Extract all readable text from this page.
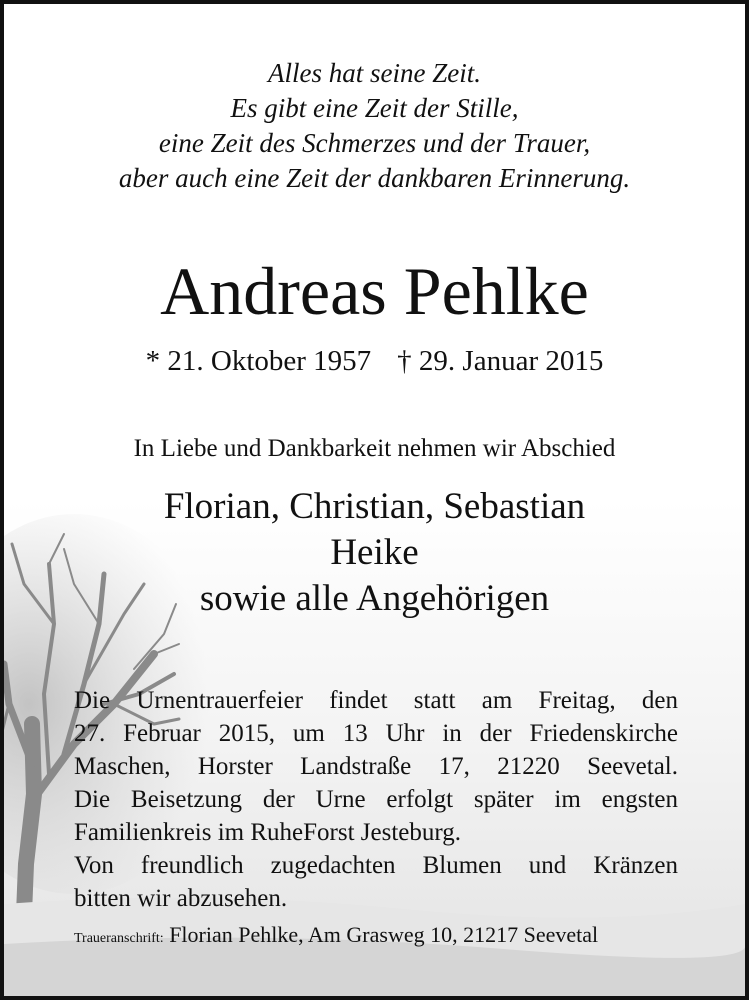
Alles hat seine Zeit.
Es gibt eine Zeit der Stille,
eine Zeit des Schmerzes und der Trauer,
aber auch eine Zeit der dankbaren Erinnerung.
Andreas Pehlke
* 21. Oktober 1957 † 29. Januar 2015
In Liebe und Dankbarkeit nehmen wir Abschied
Florian, Christian, Sebastian
Heike
sowie alle Angehörigen

Die Urnentrauerfeier findet statt am Freitag, den

27. Februar 2015, um 13 Uhr in der Friedenskirche

Maschen, Horster Landstraße 17, 21220 Seevetal.

Die Beisetzung der Urne erfolgt später im engsten

Familienkreis im RuheForst Jesteburg.

Von freundlich zugedachten Blumen und Kränzen

bitten wir abzusehen.

Traueranschrift: Florian Pehlke, Am Grasweg 10, 21217 Seevetal
